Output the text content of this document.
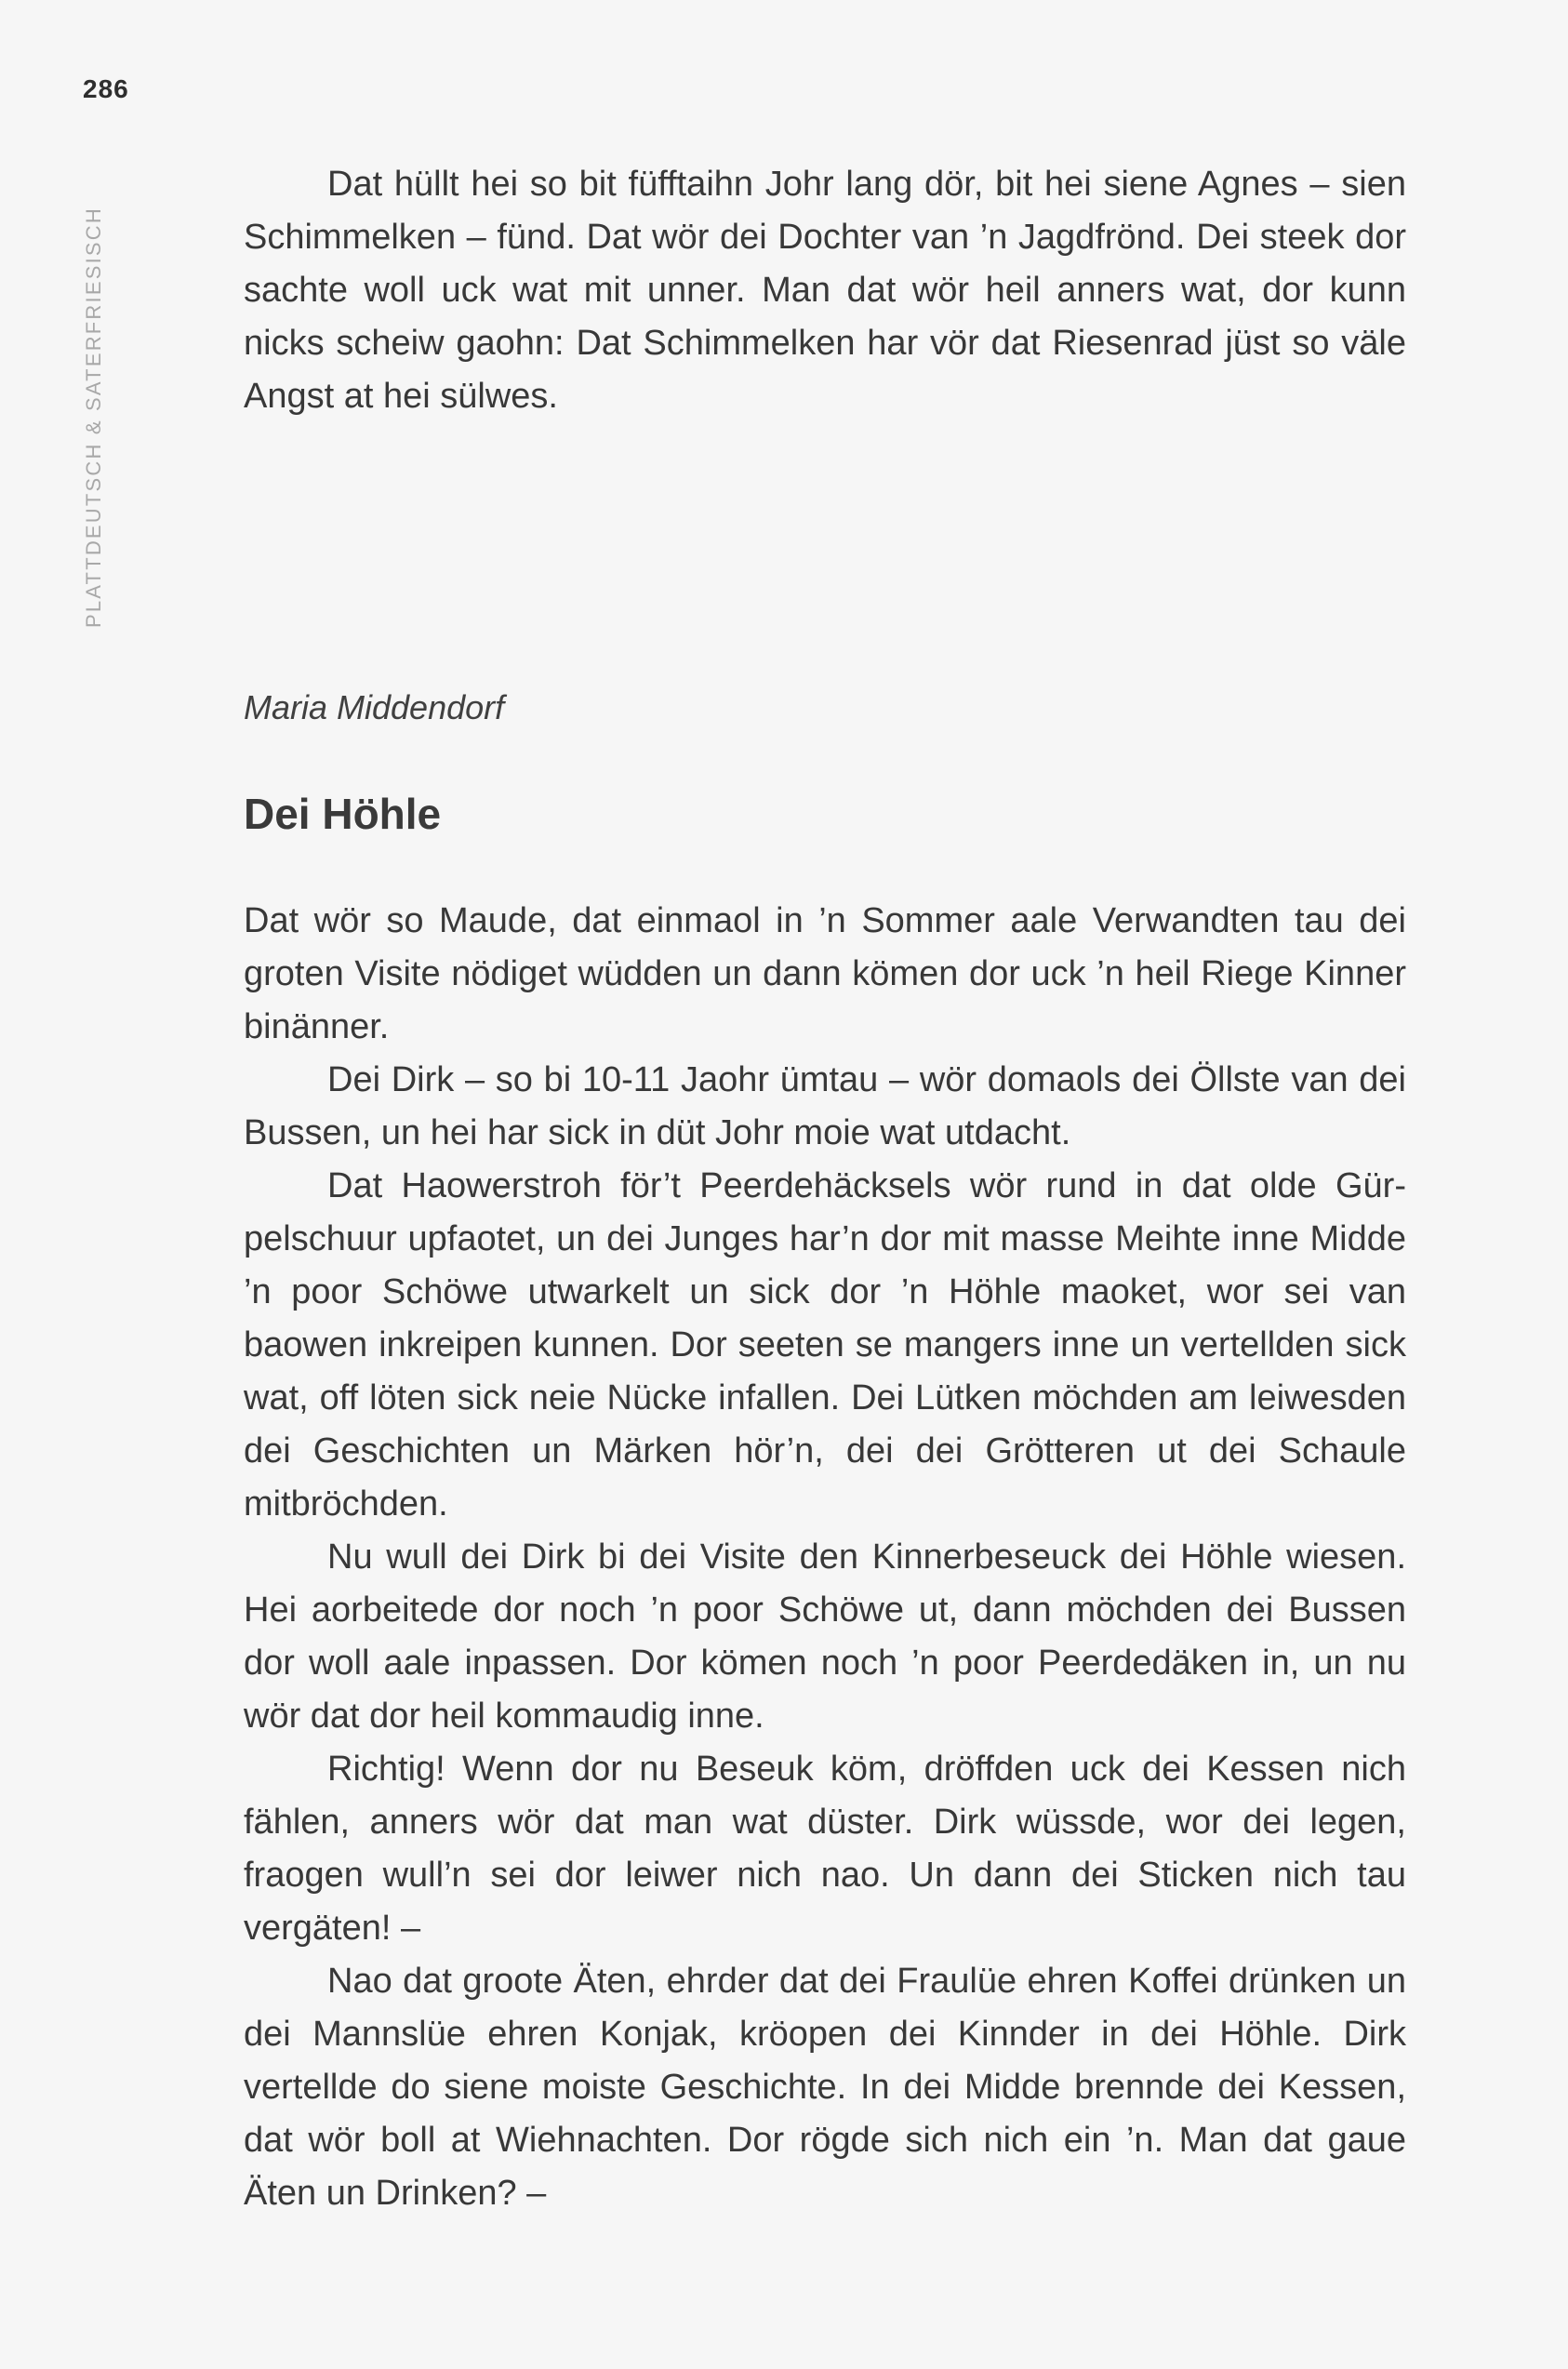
286
PLATTDEUTSCH & SATERFRIESISCH

Dat hüllt hei so bit füfftaihn Johr lang dör, bit hei siene Agnes – sien Schimmelken – fünd. Dat wör dei Dochter van ’n Jagdfrönd. Dei steek dor sachte woll uck wat mit unner. Man dat wör heil anners wat, dor kunn nicks scheiw gaohn: Dat Schimmelken har vör dat Riesenrad jüst so väle Angst at hei sülwes.

Maria Middendorf
Dei Höhle

Dat wör so Maude, dat einmaol in ’n Sommer aale Verwandten tau dei groten Visite nödiget wüdden un dann kömen dor uck ’n heil Riege Kinner binänner.

Dei Dirk – so bi 10-11 Jaohr ümtau – wör domaols dei Öllste van dei Bussen, un hei har sick in düt Johr moie wat utdacht.

Dat Haowerstroh för’t Peerdehäcksels wör rund in dat olde Gürpelschuur upfaotet, un dei Junges har’n dor mit masse Meihte inne Midde ’n poor Schöwe utwarkelt un sick dor ’n Höhle maoket, wor sei van baowen inkreipen kunnen. Dor seeten se mangers inne un vertellden sick wat, off löten sick neie Nücke infallen. Dei Lütken möchden am leiwesden dei Geschichten un Märken hör’n, dei dei Grötteren ut dei Schaule mitbröchden.

Nu wull dei Dirk bi dei Visite den Kinnerbeseuck dei Höhle wiesen. Hei aorbeitede dor noch ’n poor Schöwe ut, dann möchden dei Bussen dor woll aale inpassen. Dor kömen noch ’n poor Peerdedäken in, un nu wör dat dor heil kommaudig inne.

Richtig! Wenn dor nu Beseuk köm, dröffden uck dei Kessen nich fählen, anners wör dat man wat düster. Dirk wüssde, wor dei legen, fraogen wull’n sei dor leiwer nich nao. Un dann dei Sticken nich tau vergäten! –

Nao dat groote Äten, ehrder dat dei Fraulüe ehren Koffei drünken un dei Mannslüe ehren Konjak, kröopen dei Kinnder in dei Höhle. Dirk vertellde do siene moiste Geschichte. In dei Midde brennde dei Kessen, dat wör boll at Wiehnachten. Dor rögde sich nich ein ’n. Man dat gaue Äten un Drinken? –
